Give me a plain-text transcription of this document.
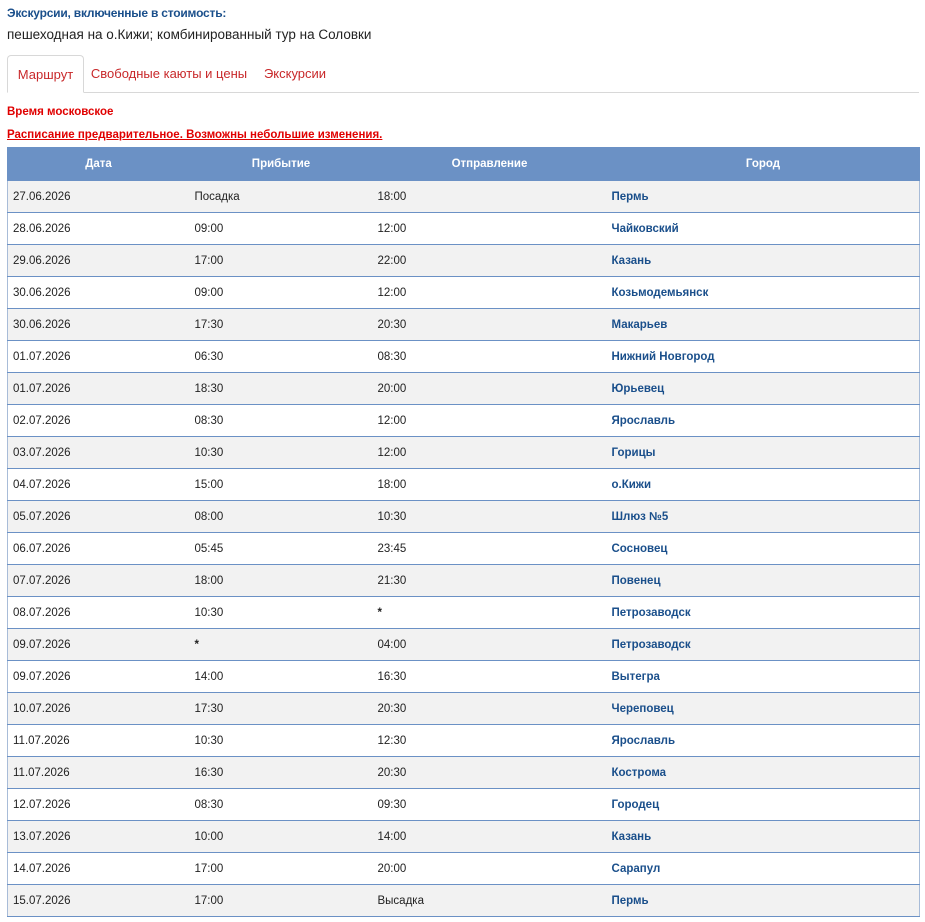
Экскурсии, включенные в стоимость:
пешеходная на о.Кижи; комбинированный тур на Соловки
Маршрут	Свободные каюты и цены	Экскурсии
Время московское
Расписание предварительное. Возможны небольшие изменения.
Дата	Прибытие	Отправление	Город
27.06.2026	Посадка	18:00	Пермь
28.06.2026	09:00	12:00	Чайковский
29.06.2026	17:00	22:00	Казань
30.06.2026	09:00	12:00	Козьмодемьянск
30.06.2026	17:30	20:30	Макарьев
01.07.2026	06:30	08:30	Нижний Новгород
01.07.2026	18:30	20:00	Юрьевец
02.07.2026	08:30	12:00	Ярославль
03.07.2026	10:30	12:00	Горицы
04.07.2026	15:00	18:00	о.Кижи
05.07.2026	08:00	10:30	Шлюз №5
06.07.2026	05:45	23:45	Сосновец
07.07.2026	18:00	21:30	Повенец
08.07.2026	10:30	*	Петрозаводск
09.07.2026	*	04:00	Петрозаводск
09.07.2026	14:00	16:30	Вытегра
10.07.2026	17:30	20:30	Череповец
11.07.2026	10:30	12:30	Ярославль
11.07.2026	16:30	20:30	Кострома
12.07.2026	08:30	09:30	Городец
13.07.2026	10:00	14:00	Казань
14.07.2026	17:00	20:00	Сарапул
15.07.2026	17:00	Высадка	Пермь
